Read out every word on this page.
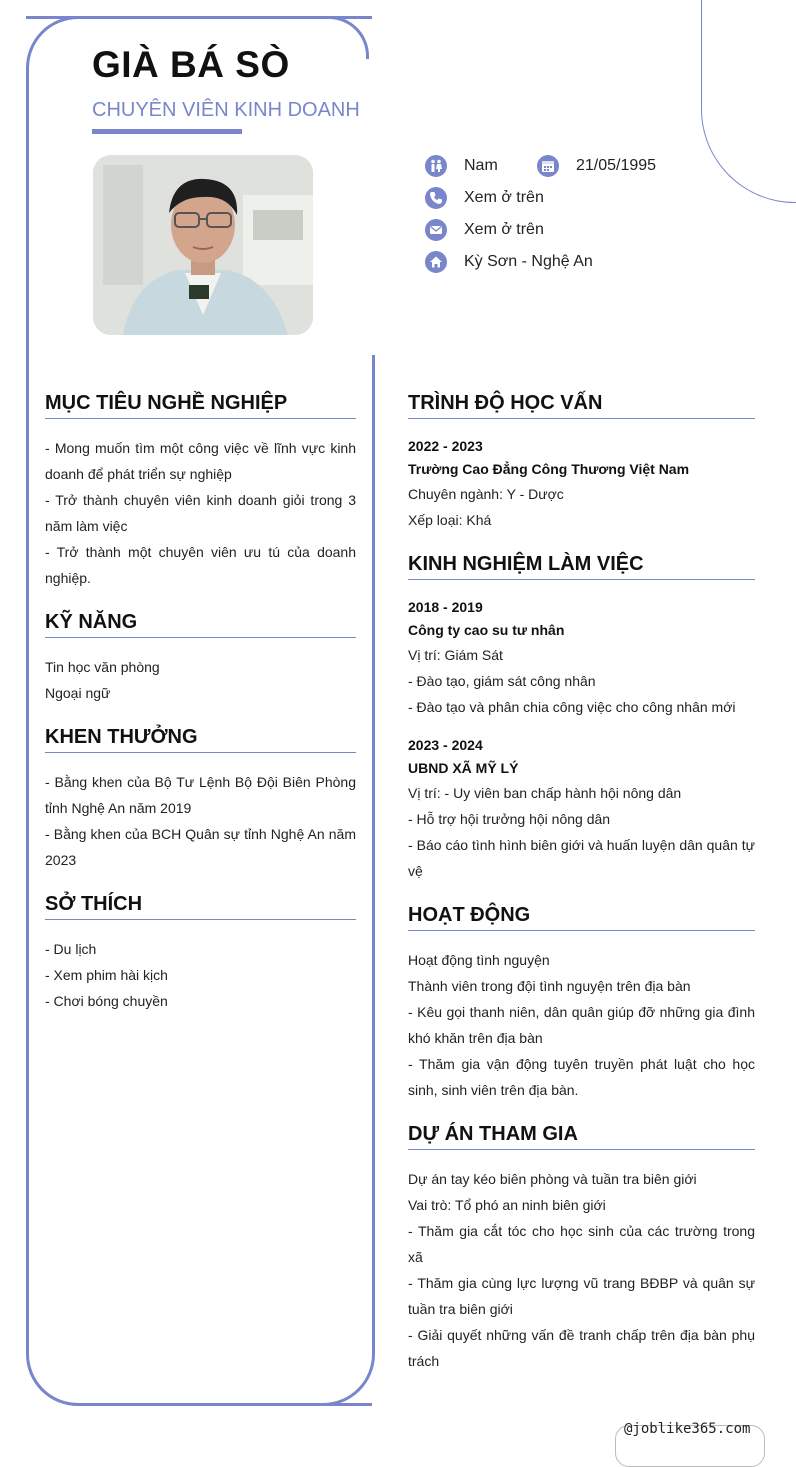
GIÀ BÁ SÒ
CHUYÊN VIÊN KINH DOANH
Nam	21/05/1995
Xem ở trên
Xem ở trên
Kỳ Sơn - Nghệ An
MỤC TIÊU NGHỀ NGHIỆP

- Mong muốn tìm một công việc về lĩnh vực kinh doanh để phát triển sự nghiệp

- Trở thành chuyên viên kinh doanh giỏi trong 3 năm làm việc

- Trở thành một chuyên viên ưu tú của doanh nghiệp.

KỸ NĂNG
Tin học văn phòng
Ngoại ngữ
KHEN THƯỞNG

- Bằng khen của Bộ Tư Lệnh Bộ Đội Biên Phòng tỉnh Nghệ An năm 2019

- Bằng khen của BCH Quân sự tỉnh Nghệ An năm 2023

SỞ THÍCH
- Du lịch
- Xem phim hài kịch
- Chơi bóng chuyền
TRÌNH ĐỘ HỌC VẤN
2022 - 2023
Trường Cao Đẳng Công Thương Việt Nam
Chuyên ngành: Y - Dược
Xếp loại: Khá
KINH NGHIỆM LÀM VIỆC
2018 - 2019
Công ty cao su tư nhân

Vị trí: Giám Sát

- Đào tạo, giám sát công nhân

- Đào tạo và phân chia công việc cho công nhân mới

2023 - 2024
UBND XÃ MỸ LÝ

Vị trí: - Uy viên ban chấp hành hội nông dân

- Hỗ trợ hội trưởng hội nông dân

- Báo cáo tình hình biên giới và huấn luyện dân quân tự vệ

HOẠT ĐỘNG

Hoạt động tình nguyện

Thành viên trong đội tình nguyện trên địa bàn

- Kêu gọi thanh niên, dân quân giúp đỡ những gia đình khó khăn trên địa bàn

- Thăm gia vận động tuyên truyền phát luật cho học sinh, sinh viên trên địa bàn.

DỰ ÁN THAM GIA

Dự án tay kéo biên phòng và tuần tra biên giới

Vai trò: Tổ phó an ninh biên giới

- Thăm gia cắt tóc cho học sinh của các trường trong xã

- Thăm gia cùng lực lượng vũ trang BĐBP và quân sự tuần tra biên giới

- Giải quyết những vấn đề tranh chấp trên địa bàn phụ trách

@joblike365.com
